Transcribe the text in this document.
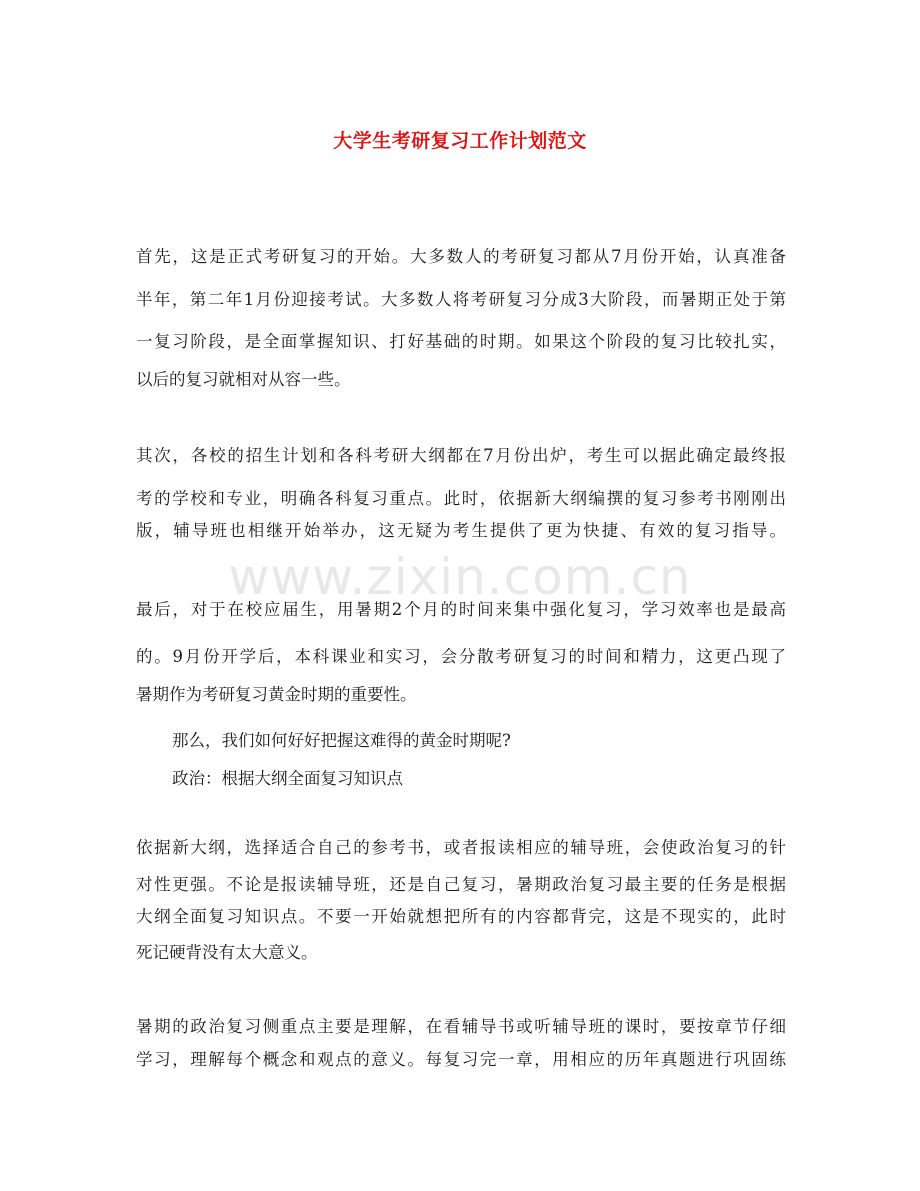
大学生考研复习工作计划范文
www.zixin.com.cn
首先，这是正式考研复习的开始。大多数人的考研复习都从7月份开始，认真准备
半年，第二年1月份迎接考试。大多数人将考研复习分成3大阶段，而暑期正处于第
一复习阶段，是全面掌握知识、打好基础的时期。如果这个阶段的复习比较扎实，
以后的复习就相对从容一些。
其次，各校的招生计划和各科考研大纲都在7月份出炉，考生可以据此确定最终报
考的学校和专业，明确各科复习重点。此时，依据新大纲编撰的复习参考书刚刚出
版，辅导班也相继开始举办，这无疑为考生提供了更为快捷、有效的复习指导。
最后，对于在校应届生，用暑期2个月的时间来集中强化复习，学习效率也是最高
的。9月份开学后，本科课业和实习，会分散考研复习的时间和精力，这更凸现了
暑期作为考研复习黄金时期的重要性。
那么，我们如何好好把握这难得的黄金时期呢?
政治：根据大纲全面复习知识点
依据新大纲，选择适合自己的参考书，或者报读相应的辅导班，会使政治复习的针
对性更强。不论是报读辅导班，还是自己复习，暑期政治复习最主要的任务是根据
大纲全面复习知识点。不要一开始就想把所有的内容都背完，这是不现实的，此时
死记硬背没有太大意义。
暑期的政治复习侧重点主要是理解，在看辅导书或听辅导班的课时，要按章节仔细
学习，理解每个概念和观点的意义。每复习完一章，用相应的历年真题进行巩固练
